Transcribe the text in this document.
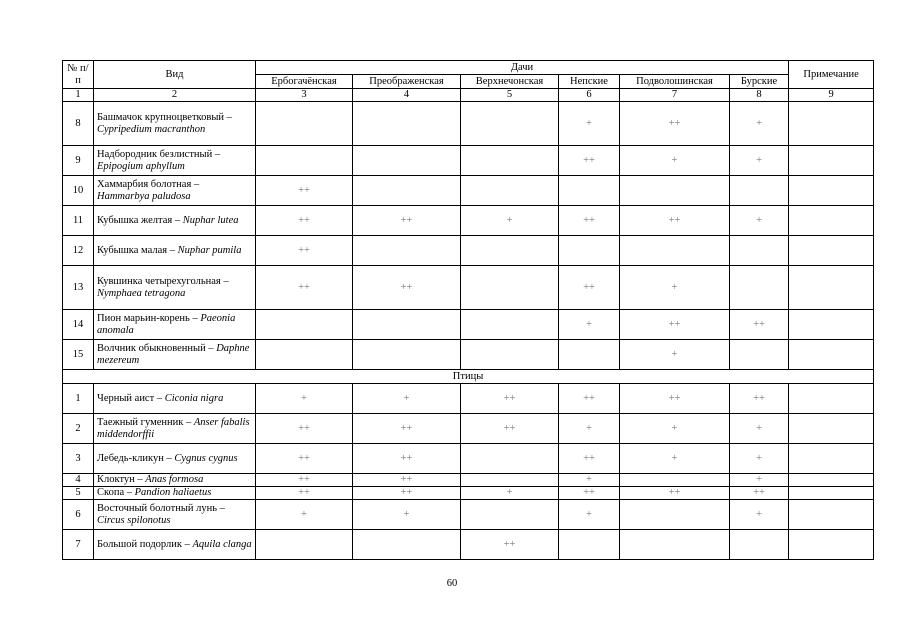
№ п/п	Вид	Дачи						Примечание
		Ербогачёнская	Преображенская	Верхнечонская	Непские	Подволошинская	Бурские	
1	2	3	4	5	6	7	8	9
8	Башмачок крупноцветковый –Cypripedium macranthon				+	++	+	
9	Надбородник безлистный – Epipogium aphyllum				++	+	+	
10	Хаммарбия болотная – Hammarbya paludosa	++						
11	Кубышка желтая – Nuphar lutea	++	++	+	++	++	+	
12	Кубышка малая – Nuphar pumila	++						
13	Кувшинка четырехугольная – Nymphaea tetragona	++	++		++	+		
14	Пион марьин-корень – Paeonia anomala				+	++	++	
15	Волчник обыкновенный – Daphne mezereum					+		
Птицы								
1	Черный аист – Ciconia nigra	+	+	++	++	++	++	
2	Таежный гуменник – Anser fabalis middendorffii	++	++	++	+	+	+	
3	Лебедь-кликун – Cygnus cygnus	++	++		++	+	+	
4	Клоктун – Anas formosa	++	++		+		+	
5	Скопа – Pandion haliaetus	++	++	+	++	++	++	
6	Восточный болотный лунь – Circus spilonotus	+	+		+		+	
7	Большой подорлик – Aquila clanga			++				
60
